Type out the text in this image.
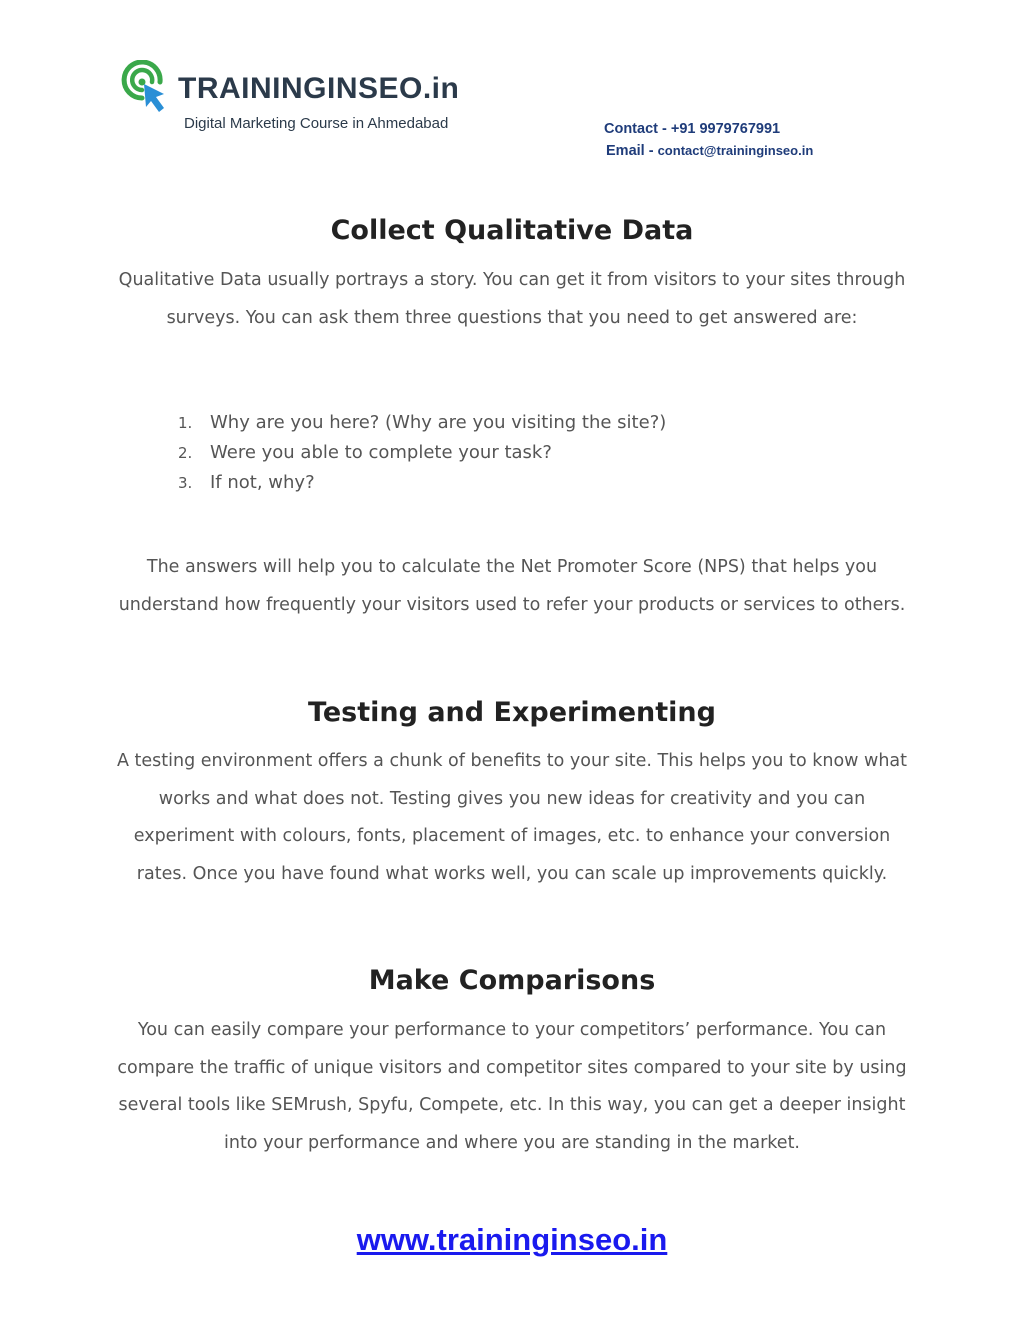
TRAININGINSEO.in
Digital Marketing Course in Ahmedabad	Contact - +91 9979767991
Email - contact@traininginseo.in
Collect Qualitative Data

Qualitative Data usually portrays a story. You can get it from visitors to your sites through surveys. You can ask them three questions that you need to get answered are:

1. Why are you here? (Why are you visiting the site?)
2. Were you able to complete your task?
3. If not, why?

The answers will help you to calculate the Net Promoter Score (NPS) that helps you understand how frequently your visitors used to refer your products or services to others.

Testing and Experimenting

A testing environment offers a chunk of benefits to your site. This helps you to know what works and what does not. Testing gives you new ideas for creativity and you can experiment with colours, fonts, placement of images, etc. to enhance your conversion rates. Once you have found what works well, you can scale up improvements quickly.

Make Comparisons

You can easily compare your performance to your competitors’ performance. You can compare the traffic of unique visitors and competitor sites compared to your site by using several tools like SEMrush, Spyfu, Compete, etc. In this way, you can get a deeper insight into your performance and where you are standing in the market.

www.traininginseo.in
